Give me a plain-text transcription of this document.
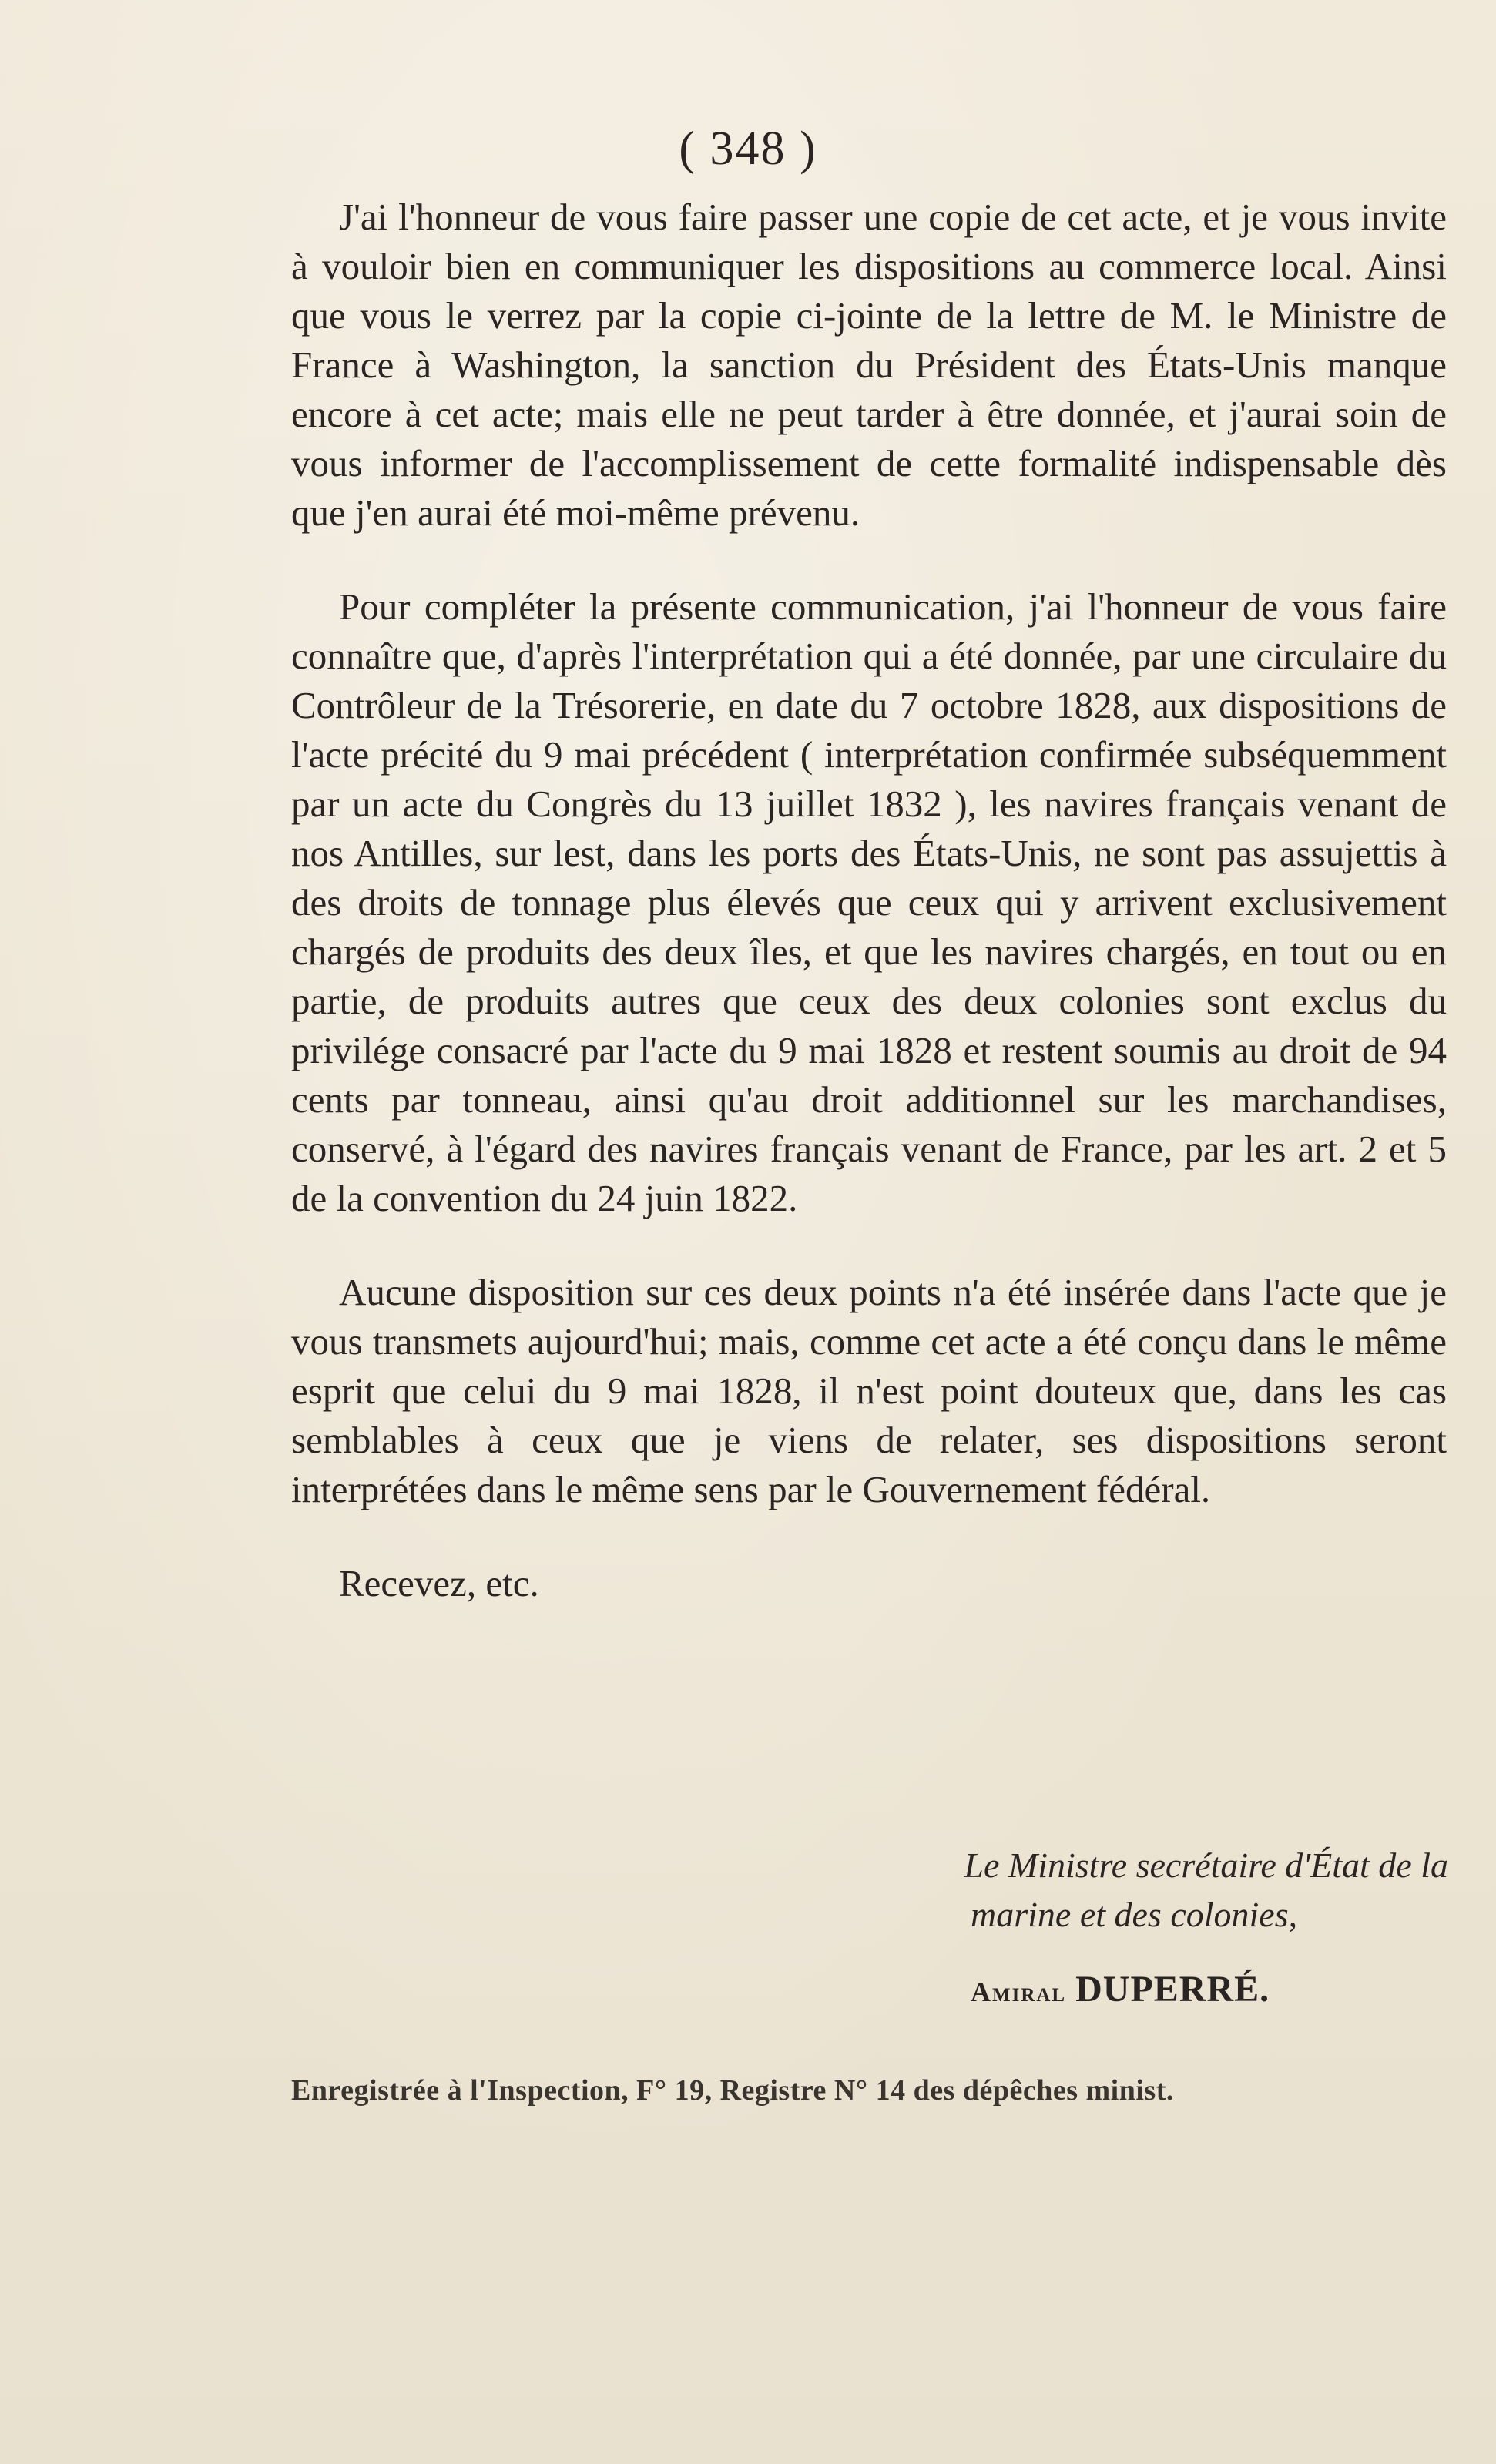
( 348 )

J'ai l'honneur de vous faire passer une copie de cet acte, et je vous invite à vouloir bien en communiquer les dispositions au commerce local. Ainsi que vous le verrez par la copie ci-jointe de la lettre de M. le Ministre de France à Washington, la sanction du Président des États-Unis manque encore à cet acte; mais elle ne peut tarder à être donnée, et j'aurai soin de vous informer de l'accomplissement de cette formalité indispensable dès que j'en aurai été moi-même prévenu.

Pour compléter la présente communication, j'ai l'honneur de vous faire connaître que, d'après l'interprétation qui a été donnée, par une circulaire du Contrôleur de la Trésorerie, en date du 7 octobre 1828, aux dispositions de l'acte précité du 9 mai précédent ( interprétation confirmée subséquemment par un acte du Congrès du 13 juillet 1832 ), les navires français venant de nos Antilles, sur lest, dans les ports des États-Unis, ne sont pas assujettis à des droits de tonnage plus élevés que ceux qui y arrivent exclusivement chargés de produits des deux îles, et que les navires chargés, en tout ou en partie, de produits autres que ceux des deux colonies sont exclus du privilége consacré par l'acte du 9 mai 1828 et restent soumis au droit de 94 cents par tonneau, ainsi qu'au droit additionnel sur les marchandises, conservé, à l'égard des navires français venant de France, par les art. 2 et 5 de la convention du 24 juin 1822.

Aucune disposition sur ces deux points n'a été insérée dans l'acte que je vous transmets aujourd'hui; mais, comme cet acte a été conçu dans le même esprit que celui du 9 mai 1828, il n'est point douteux que, dans les cas semblables à ceux que je viens de relater, ses dispositions seront interprétées dans le même sens par le Gouvernement fédéral.

Recevez, etc.

Le Ministre secrétaire d'État de la
marine et des colonies,
Amiral DUPERRÉ.
Enregistrée à l'Inspection, F° 19, Registre N° 14 des dépêches minist.
